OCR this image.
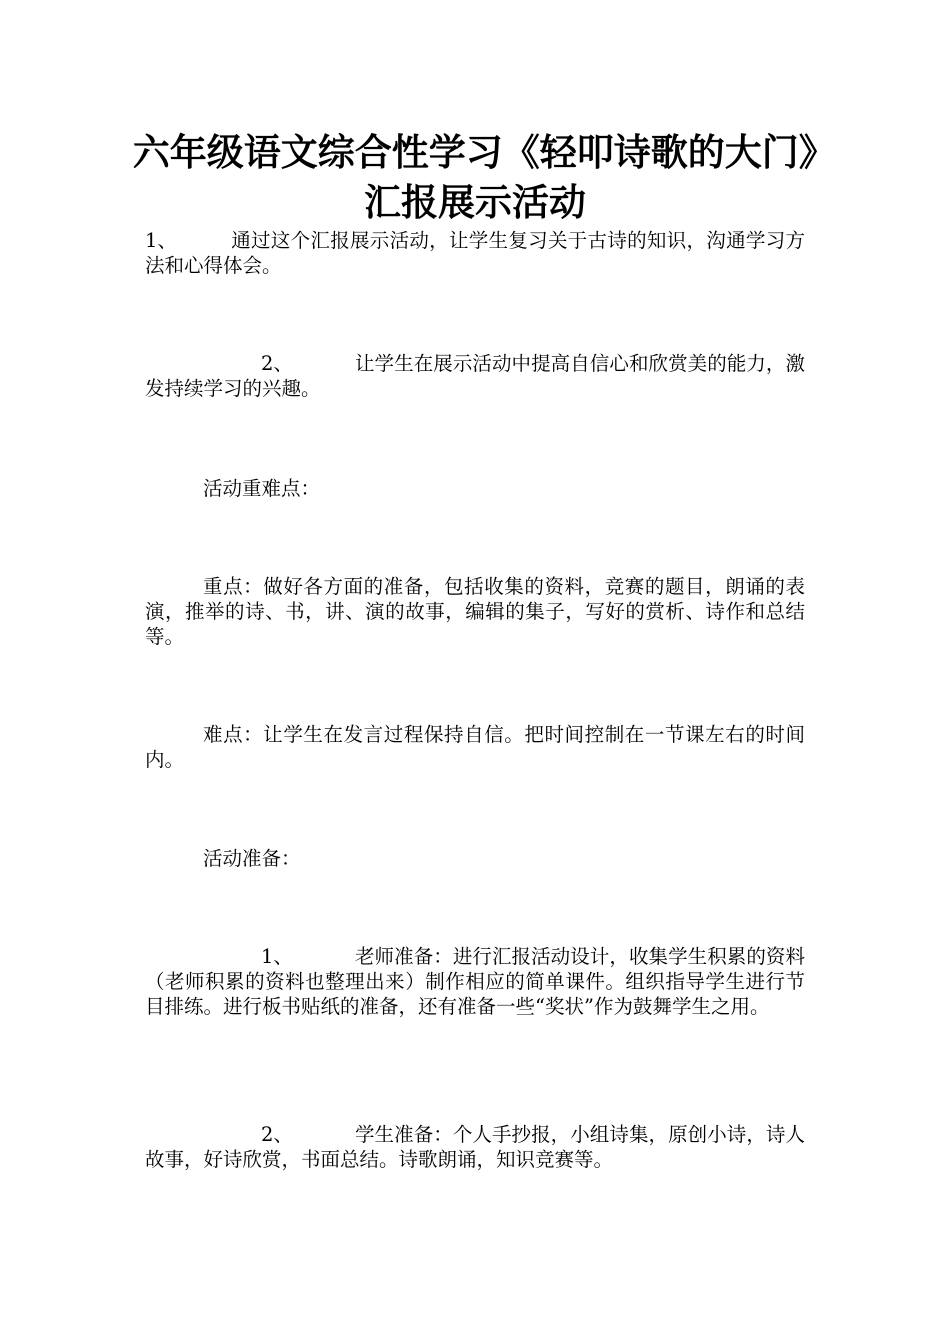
六年级语文综合性学习《轻叩诗歌的大门》汇报展示活动

1、	通过这个汇报展示活动，让学生复习关于古诗的知识，沟通学习方法和心得体会。

2、	让学生在展示活动中提高自信心和欣赏美的能力，激发持续学习的兴趣。

活动重难点：

重点：做好各方面的准备，包括收集的资料，竞赛的题目，朗诵的表演，推举的诗、书，讲、演的故事，编辑的集子，写好的赏析、诗作和总结等。

难点：让学生在发言过程保持自信。把时间控制在一节课左右的时间内。

活动准备：

1、	老师准备：进行汇报活动设计，收集学生积累的资料（老师积累的资料也整理出来）制作相应的简单课件。组织指导学生进行节目排练。进行板书贴纸的准备，还有准备一些“奖状”作为鼓舞学生之用。

2、	学生准备：个人手抄报，小组诗集，原创小诗，诗人故事，好诗欣赏，书面总结。诗歌朗诵，知识竞赛等。
